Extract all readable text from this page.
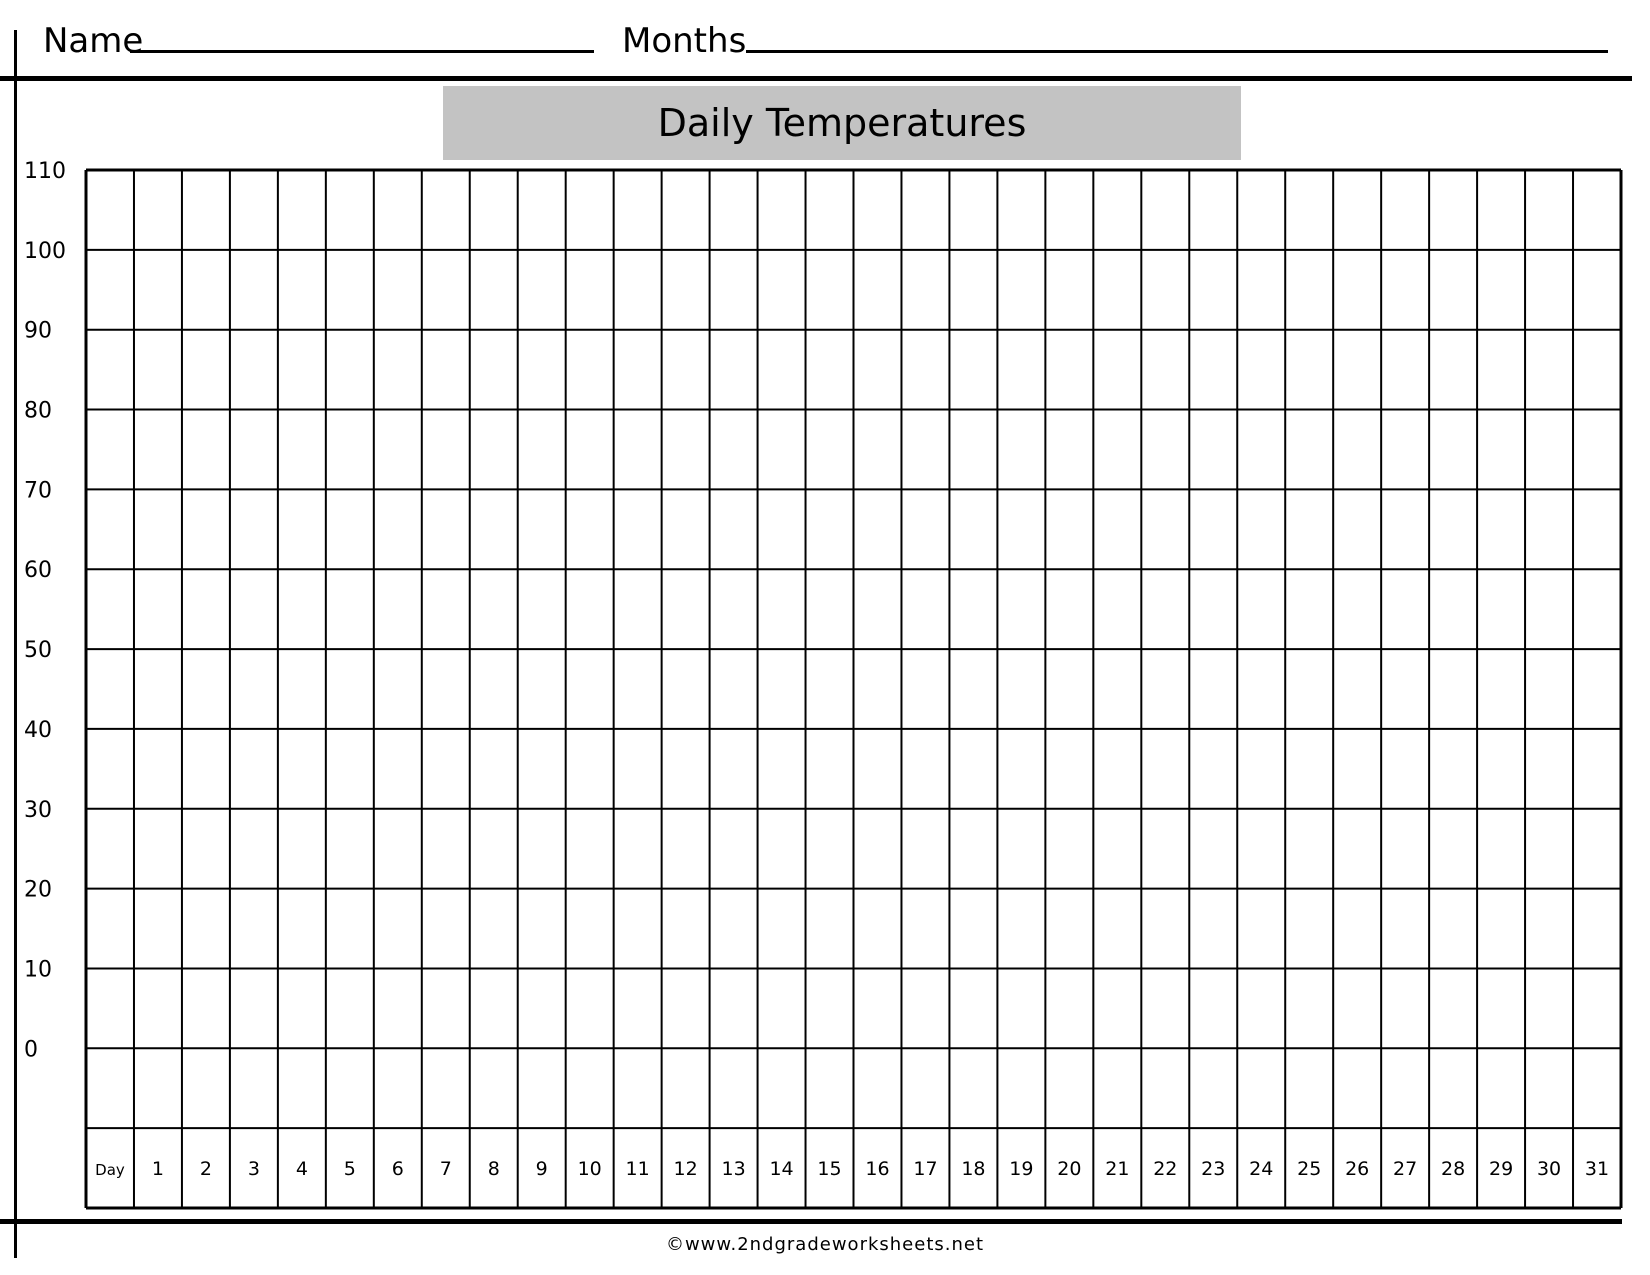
Name	Months
Daily Temperatures
110
100
90
80
70
60
50
40
30
20
10
0
Day 1 2 3 4 5 6 7 8 9 10 11 12 13 14 15 16 17 18 19 20 21 22 23 24 25 26 27 28 29 30 31
©www.2ndgradeworksheets.net
